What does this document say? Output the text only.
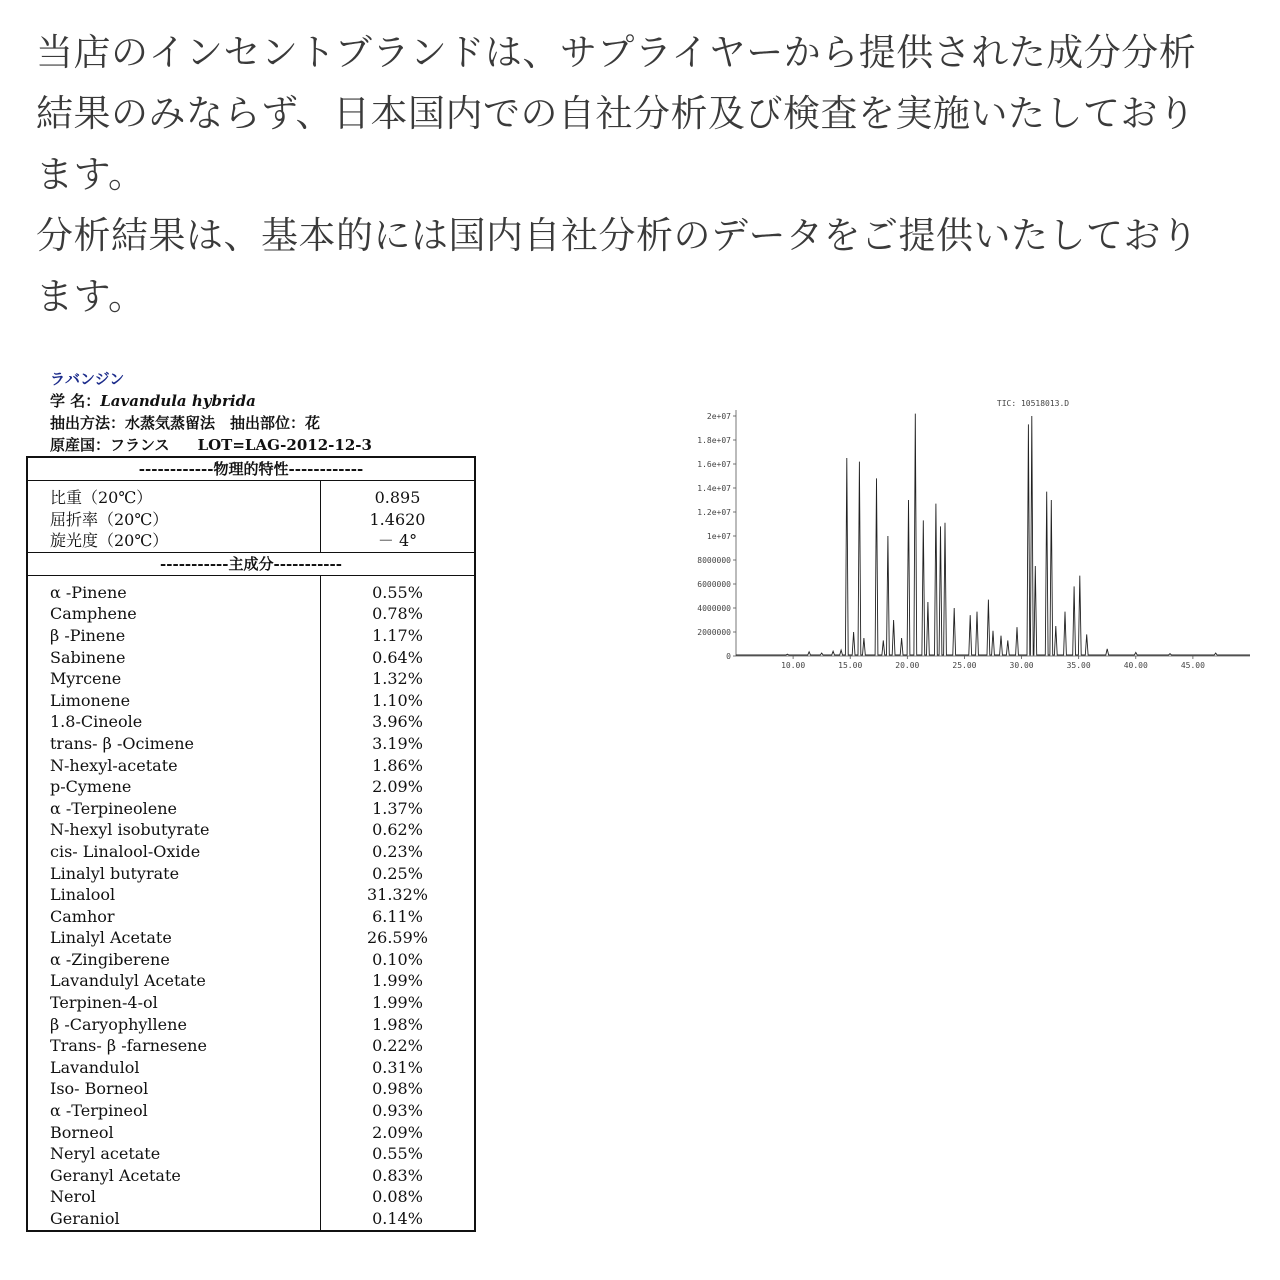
当店のインセントブランドは、サプライヤーから提供された成分分析

結果のみならず、日本国内での自社分析及び検査を実施いたしており

ます。

分析結果は、基本的には国内自社分析のデータをご提供いたしており

ます。

ラバンジン
学 名：Lavandula hybrida
抽出方法：水蒸気蒸留法　抽出部位：花
原産国：フランス LOT=LAG-2012-12-3
------------物理的特性------------	

比重（20℃）	0.895
屈折率（20℃）	1.4620
旋光度（20℃）	－ 4°
-----------主成分-----------	

α -Pinene	0.55%
Camphene	0.78%
β -Pinene	1.17%
Sabinene	0.64%
Myrcene	1.32%
Limonene	1.10%
1.8-Cineole	3.96%
trans- β -Ocimene	3.19%
N-hexyl-acetate	1.86%
p-Cymene	2.09%
α -Terpineolene	1.37%
N-hexyl isobutyrate	0.62%
cis- Linalool-Oxide	0.23%
Linalyl butyrate	0.25%
Linalool	31.32%
Camhor	6.11%
Linalyl Acetate	26.59%
α -Zingiberene	0.10%
Lavandulyl Acetate	1.99%
Terpinen-4-ol	1.99%
β -Caryophyllene	1.98%
Trans- β -farnesene	0.22%
Lavandulol	0.31%
Iso- Borneol	0.98%
α -Terpineol	0.93%
Borneol	2.09%
Neryl acetate	0.55%
Geranyl Acetate	0.83%
Nerol	0.08%
Geraniol	0.14%
TIC: 10518013.D
0
2000000
4000000
6000000
8000000
1e+07
1.2e+07
1.4e+07
1.6e+07
1.8e+07
2e+07
10.00	15.00	20.00	25.00	30.00	35.00	40.00	45.00
